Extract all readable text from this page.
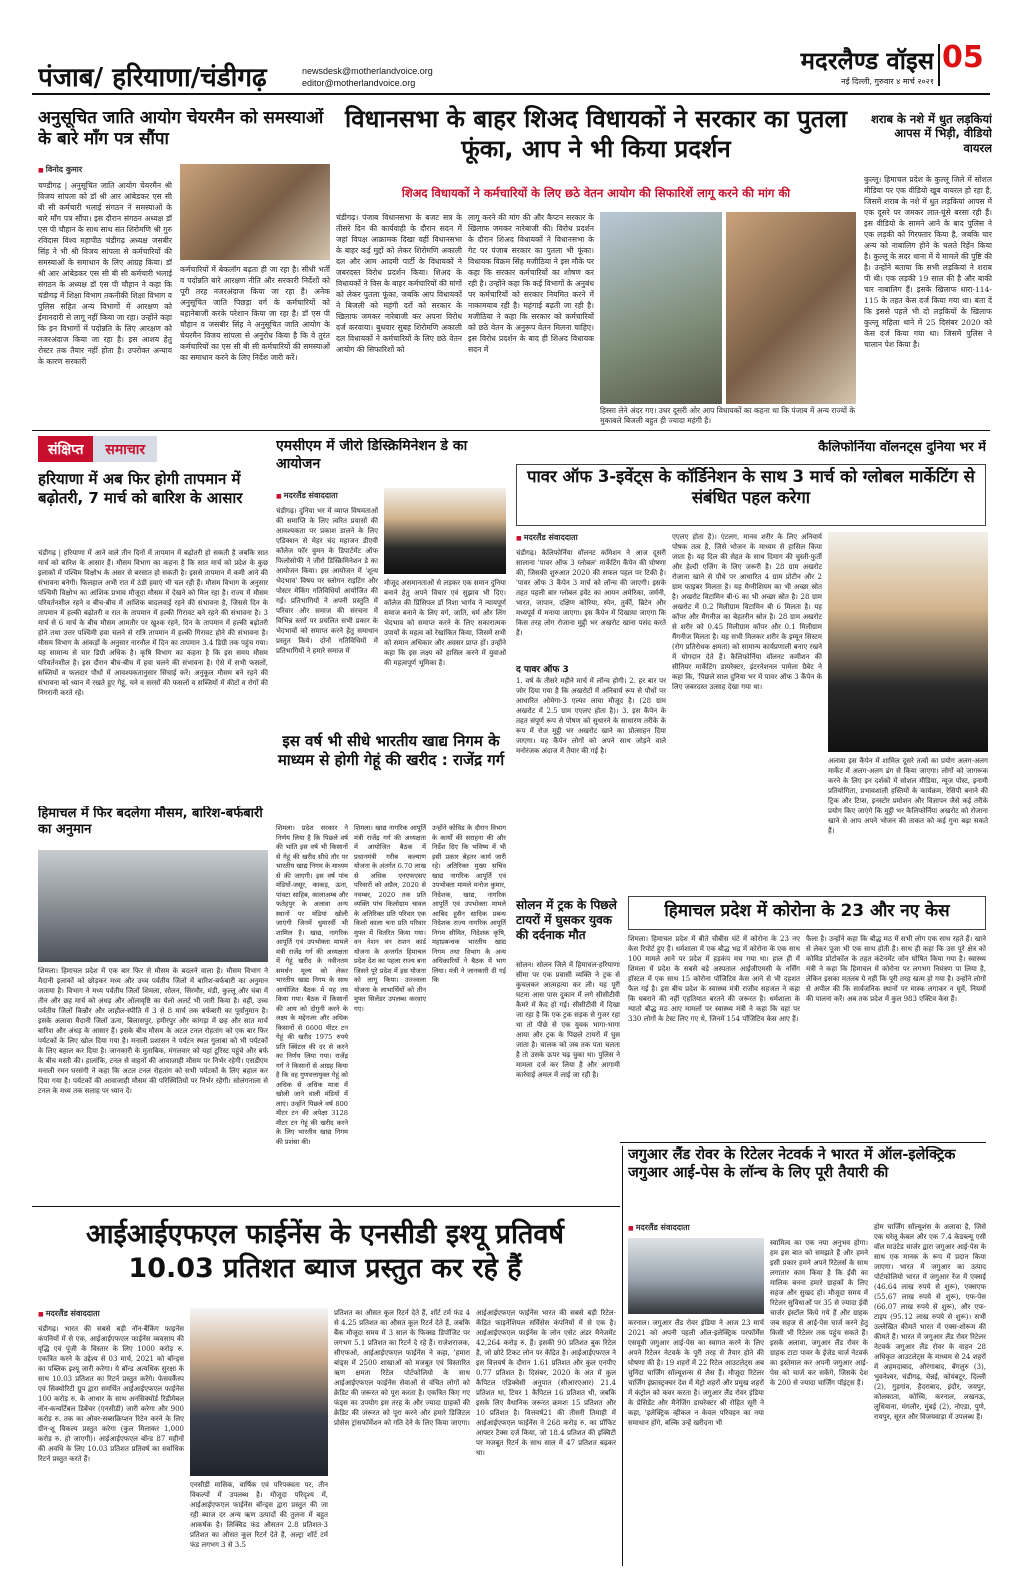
पंजाब/ हरियाणा/चंडीगढ़	newsdesk@motherlandvoice.org
editor@motherlandvoice.org
मदरलैण्ड वॉइस
नई दिल्ली, गुरुवार ४ मार्च २०२१
05
अनुसूचित जाति आयोग चेयरमैन को समस्याओं के बारे माँग पत्र सौंपा
■ विनोद कुमार
चण्डीगढ़ | अनुसूचित जाति आयोग चेयरमैन श्री विजय सांपला को डॉ श्री आर आंबेडकर एस सी बी सी कर्मचारी भलाई संगठन ने समस्याओं के बारे माँग पत्र सौंपा। इस दौरान संगठन अध्यक्ष डॉ एस पी चौहान के साथ साथ संत शिरोमणि श्री गुरु रविदास विश्व महापीठ चंडीगढ़ अध्यक्ष जसबीर सिंह ने भी श्री विजय सांपला से कर्मचारियों की समस्याओं के समाधान के लिए आग्रह किया। डॉ श्री आर आंबेडकर एस सी बी सी कर्मचारी भलाई संगठन के अध्यक्ष डॉ एस पी चौहान ने कहा कि चंडीगढ़ में शिक्षा विभाग तकनीकी शिक्षा विभाग व पुलिस सहित अन्य विभागों में आरक्षण को ईमानदारी से लागू नहीं किया जा रहा। उन्होंने कहा कि इन विभागों में पदोन्नति के लिए आरक्षण को नजरअंदाज किया जा रहा है। इस आशय हेतु रोस्टर तक तैयार नहीं होता है। उपरोक्त अन्याय के कारण सरकारी
कर्मचारियों में बेकलॉग बढ़ता ही जा रहा है। सीधी भर्ती व पदोन्नति बारे आरक्षण नीति और सरकारी निर्देशों को पूरी तरह नजरअंदाज किया जा रहा है। अनेक अनुसूचित जाति पिछड़ा वर्ग के कर्मचारियों को बहानेबाजी करके परेशान किया जा रहा है। डॉ एस पी चौहान व जसबीर सिंह ने अनुसूचित जाति आयोग के चेयरमैन विजय सांपला से अनुरोध किया है कि वे तुरंत कर्मचारियों का एस सी बी सी कर्मचारियों की समस्याओं का समाधान करने के लिए निर्देश जारी करें।
विधानसभा के बाहर शिअद विधायकों ने सरकार का पुतला फूंका, आप ने भी किया प्रदर्शन
शिअद विधायकों ने कर्मचारियों के लिए छठे वेतन आयोग की सिफारिशें लागू करने की मांग की
चंडीगढ़। पंजाब विधानसभा के बजट सत्र के तीसरे दिन की कार्यवाही के दौरान सदन में जहां विपक्ष आक्रामक दिखा वहीं विधानसभा के बाहर कई मुद्दों को लेकर शिरोमणि अकाली दल और आम आदमी पार्टी के विधायकों ने जबरदस्त विरोध प्रदर्शन किया। शिअद के विधायकों ने विस के बाहर कर्मचारियों की मांगों को लेकर पुतला फूंका, जबकि आप विधायकों ने बिजली को महंगी दरों को सरकार के खिलाफ जमकर नारेबाजी कर अपना विरोध दर्ज करवाया। बुधवार सुबह शिरोमणि अकाली दल विधायकों ने कर्मचारियों के लिए छठे वेतन आयोग की सिफारिशों को
लागू करने की मांग की और कैप्टन सरकार के खिलाफ जमकर नारेबाजी की। विरोध प्रदर्शन के दौरान शिअद विधायकों ने विधानसभा के गेट पर पंजाब सरकार का पुतला भी फूंका। विधायक विक्रम सिंह मजीठिया ने इस मौके पर कहा कि सरकार कर्मचारियों का शोषण कर रही है। उन्होंने कहा कि कई विभागों के अनुबंध पर कर्मचारियों को सरकार नियमित करने में नाकामयाब रही है। महंगाई बढ़ती जा रही है। मजीठिया ने कहा कि सरकार को कर्मचारियों को छठे वेतन के अनुरूप वेतन मिलना चाहिए। इस विरोध प्रदर्शन के बाद ही शिअद विधायक सदन में
हिस्सा लेने अंदर गए। उधर दूसरी ओर आप विधायकों का कहना था कि पंजाब में अन्य राज्यों के मुकाबले बिजली बहुत ही ज्यादा महंगी है।
शराब के नशे में धुत लड़कियां आपस में भिड़ी, वीडियो वायरल
कुल्लू। हिमाचल प्रदेश के कुल्लू जिले में सोशल मीडिया पर एक वीडियो खूब वायरल हो रहा है, जिसमें शराब के नशे में धुत लड़कियां आपस में एक दूसरे पर जमकर लात-घूंसे बरसा रही हैं। इस वीडियो के सामने आने के बाद पुलिस ने एक लड़की को गिरफ्तार किया है, जबकि चार अन्य को नाबालिग होने के चलते रिहेंन किया है। कुल्लू के सदर थाना में ये मामले की पुष्टि की है। उन्होंने बताया कि सभी लड़कियां ने शराब पी थी। एक लड़की 19 साल की है और बाकी चार नाबालिग हैं। इसके खिलाफ धारा-114-115 के तहत केस दर्ज किया गया था। बता दें कि इससे पहले भी दो लड़कियों के खिलाफ कुल्लू महिला थाने में 25 दिसंबर 2020 को केस दर्ज किया गया था। जिसमें पुलिस ने चालान पेश किया है।
संक्षिप्त	समाचार
हरियाणा में अब फिर होगी तापमान में बढ़ोतरी, 7 मार्च को बारिश के आसार
चंडीगढ़ | हरियाणा में आने वाले तीन दिनों में तापमान में बढ़ोतरी हो सकती है जबकि सात मार्च को बारिश के आसार हैं। मौसम विभाग का कहना है कि सात मार्च को प्रदेश के कुछ इलाकों में पश्चिम विक्षोभ के असर से बरसात हो सकती है। इससे तापमान में कमी आने की संभावना बनेगी। फिलहाल अभी रात में ठंडी हवाएं भी चल रही हैं। मौसम विभाग के अनुसार पश्चिमी विक्षोभ का आंशिक प्रभाव मौजूदा मौसम में देखने को मिल रहा है। राज्य में मौसम परिवर्तनशील रहने व बीच-बीच में आंशिक बादलवाई रहने की संभावना है, जिससे दिन के तापमान में हल्की बढ़ोतरी व रात के तापमान में हल्की गिरावट बने रहने की संभावना है। 3 मार्च से 6 मार्च के बीच मौसम आमतौर पर खुश्क रहने, दिन के तापमान में हल्की बढ़ोतरी होने तथा उत्तर पश्चिमी हवा चलने से रात्रि तापमान में हल्की गिरावट होने की संभावना है। मौसम विभाग के आंकड़ों के अनुसार नारनौल में दिन का तापमान 3.4 डिग्री तक पहुंच गया। यह सामान्य से चार डिग्री अधिक है। कृषि विभाग का कहना है कि इस समय मौसम परिवर्तनशील है। इस दौरान बीच-बीच में हवा चलने की संभावना है। ऐसे में सभी फसलों, सब्जियों व फलदार पौधों में आवश्यकतानुसार सिंचाई करें। अनुकूल मौसम बने रहने की संभावना को ध्यान में रखते हुए गेहूं, चने व सरसों की फसलों व सब्जियों में कीटों व रोगों की निगरानी करते रहें।
हिमाचल में फिर बदलेगा मौसम, बारिश-बर्फबारी का अनुमान
शिमला। हिमाचल प्रदेश में एक बार फिर से मौसम के बदलने वाला है। मौसम विभाग ने मैदानी इलाकों को छोड़कर मध्य और उच्च पर्वतीय जिलों में बारिश-बर्फबारी का अनुमान जताया है। विभाग ने मध्य पर्वतीय जिलों शिमला, सोलन, सिरमौर, मंडी, कुल्लू और चंबा में तीन और छह मार्च को अंधड़ और ओलावृष्टि का येलो अलर्ट भी जारी किया है। वहीं, उच्च पर्वतीय जिलों किन्नौर और लाहौल-स्पीति में 3 से 8 मार्च तक बर्फबारी का पूर्वानुमान है। इसके अलावा मैदानी जिलों ऊना, बिलासपुर, हमीरपुर और कांगड़ा में छह और सात मार्च बारिश और अंधड़ के आसार हैं। इसके बीच मौसम के अटल टनल रोहतांग को एक बार फिर पर्यटकों के लिए खोल दिया गया है। मनाली प्रशासन ने पर्यटन स्थल गुलाबा को भी पर्यटकों के लिए बहाल कर दिया है। जानकारी के मुताबिक, मंगलवार को यहां टूरिस्ट पहुंचे और बर्फ के बीच मस्ती की। हालांकि, टनल से वाहनों की आवाजाही मौसम पर निर्भर रहेगी। एसडीएम मनाली रमन घरसंगी ने कहा कि अटल टनल रोहतांग को सभी पर्यटकों के लिए बहाल कर दिया गया है। पर्यटकों की आवाजाही मौसम की परिस्थितियों पर निर्भर रहेगी। सोलंगनाला से टनल के मध्य तक सलाह पर ध्यान दें।
एमसीएम में जीरो डिस्क्रिमिनेशन डे का आयोजन
■ मदरलैंड संवाददाता
चंडीगढ़। दुनिया भर में व्याप्त विषमताओं की समाप्ति के लिए त्वरित प्रयासों की आवश्यकता पर प्रकाश डालने के लिए एडिक्शन से मेहर चंद महाजन डीएवी कॉलेज फॉर वुमन के डिपार्टमेंट ऑफ फिलोसोफी ने जीरो डिस्क्रिमिनेशन डे का आयोजन किया। इस आयोजन में 'शून्य भेदभाव' विषय पर स्लोगन राइटिंग और पोस्टर मेकिंग गतिविधियों आयोजित की गईं। प्रतिभागियों ने अपनी प्रस्तुति में परिवार और समाज की संरचना में विभिन्न स्तरों पर प्रचलित सभी प्रकार के भेदभावों को समाप्त करने हेतु समाधान प्रस्तुत किये। दोनों गतिविधियों में प्रतिभागियों ने हमारे समाज में
मौजूद असमानताओं से लड़कर एक समान दुनिया बनाने हेतु अपने विचार एवं सुझाव भी दिए। कॉलेज की प्रिंसिपल डॉ निशा भार्गव ने न्यायपूर्ण समाज बनाने के लिए वर्ग, जाति, धर्म और लिंग भेदभाव को समाप्त करने के लिए सकारात्मक उपायों के महत्व को रेखांकित किया, जिसमें सभी को समान अधिकार और अवसर प्राप्त हों। उन्होंने कहा कि इस लक्ष्य को हासिल करने में युवाओं की महत्वपूर्ण भूमिका है।
इस वर्ष भी सीधे भारतीय खाद्य निगम के माध्यम से होगी गेहूं की खरीद : राजेंद्र गर्ग
शिमला। प्रदेश सरकार ने निर्णय लिया है कि पिछले वर्ष की भांति इस वर्ष भी किसानों से गेहूं की खरीद सीधे तौर पर भारतीय खाद्य निगम के माध्यम से की जाएगी। इस वर्ष पांच मंडियों-जसूर, काकड़, ऊना, पांवटा साहिब, कालाअम्ब और फतेहपुर के अलावा अन्य स्थानों पर मंडियां खोली जाएंगी जिनमें धुमारवीं भी शामिल है। खाद्य, नागरिक आपूर्ति एवं उपभोक्ता मामले मंत्री राजेंद्र गर्ग की अध्यक्षता में गेहूं खरीद के नवीनतम समर्थन मूल्य को लेकर भारतीय खाद्य निगम के साथ आयोजित बैठक में यह तय किया गया। बैठक में किसानों की आय को दोगुनी करने के लक्ष्य के मद्देनजर और अधिक किसानों से 6600 मीटर टन गेहूं की खरीद 1975 रुपये प्रति क्विंटल की दर से करने का निर्णय लिया गया। राजेंद्र गर्ग ने किसानों से आग्रह किया है कि वह गुणवत्तायुक्त गेहूं को अधिक से अधिक मात्रा में खोली जाने वाली मंडियों में लाएं। उन्होंने पिछले वर्ष 800 मीटर टन की अपेक्षा 3128 मीटर टन गेहूं की खरीद करने के लिए भारतीय खाद्य निगम की प्रशंसा की।
शिमला। खाद्य नागरिक आपूर्ति मंत्री राजेंद्र गर्ग की अध्यक्षता में आयोजित बैठक में प्रधानमंत्री गरीब कल्याण योजना के अंतर्गत 6.70 लाख से अधिक एनएफएसए परिवारों को अप्रैल, 2020 से नवम्बर, 2020 तक प्रति व्यक्ति पांच किलोग्राम चावल के अतिरिक्त प्रति परिवार एक किलो काला चना प्रति परिवार मुफ्त में वितरित किया गया। वन नेशन वन राशन कार्ड योजना के अन्तर्गत हिमाचल प्रदेश देश का पहला राज्य बना जिसने पूरे प्रदेश में इस योजना को लागू किया। उज्ज्वला योजना के लाभार्थियों को तीन मुफ्त सिलेंडर उपलब्ध करवाए गए।
उन्होंने कोविड के दौरान विभाग के कार्यों की सराहना की और निर्देश दिए कि भविष्य में भी इसी प्रकार बेहतर कार्य जारी रहे। अतिरिक्त मुख्य सचिव खाद्य नागरिक आपूर्ति एवं उपभोक्ता मामले मनोज कुमार, निदेशक, खाद्य, नागरिक आपूर्ति एवं उपभोक्ता मामले आबिद हुसैन सादिक प्रबन्ध निदेशक राज्य नागरिक आपूर्ति निगम सीमित, निदेशक कृषि, महाप्रबन्धक भारतीय खाद्य निगम तथा विभाग के अन्य अधिकारियों ने बैठक में भाग लिया। मंत्री ने जानकारी दी गई कि
कैलिफोर्निया वॉलनट्स दुनिया भर में
पावर ऑफ 3-इवेंट्स के कॉर्डिनेशन के साथ 3 मार्च को ग्लोबल मार्केटिंग से संबंधित पहल करेगा
■ मदरलैंड संवाददाता
चंडीगढ़। कैलिफोर्निया वॉलनट कमिशन ने आज दूसरी सालाना 'पावर ऑफ 3 ग्लोबल' मार्केटिंग कैंपेन की घोषणा की, जिसकी शुरुआत 2020 की सफल पहल पर टिकी है। 'पावर ऑफ 3 कैंपेन 3 मार्च को लॉन्च की जाएगी। इसके तहत पहली बार ग्लोबल इवेंट का आयन अमेरिका, जर्मनी, भारत, जापान, दक्षिण कोरिया, स्पेन, तुर्की, ब्रिटेन और मध्यपूर्व में मनाया जाएगा। इस कैंपेन में दिखाया जाएगा कि किस तरह लोग रोजाना मुट्ठी भर अखरोट खाना पसंद करते हैं।
द पावर ऑफ 3
1. वर्ष के तीसरे महीने मार्च में लॉन्च होगी। 2. हर बार पर जोर दिया गया है कि अखरोटों में अनिवार्य रूप से पौधों पर आधारित ओमेगा-3 एल्फा लाया मौजूद है। (28 ग्राम अखरोट में 2.5 ग्राम एएलए होता है)। 3. इस कैंपेन के तहत संपूर्ण रूप से पोषण को सुधारने के साधारण तरीके के रूप में रोज मुट्ठी भर अखरोट खाने का प्रोत्साहन दिया जाएगा। यह कैंपेन लोगों को अपने साथ जोड़ने वाले मनोरंजक अंदाज में तैयार की गई है।
एएलए होता है)। एंटलग, मानव शरीर के लिए अनिवार्य पोषक तत्व है, जिसे भोजन के माध्यम से हासिल किया जाता है। यह दिल की सेहत के साथ दिमाग की चुस्ती-फुर्ती और हेल्दी एजिंग के लिए जरूरी है। 28 ग्राम अखरोट रोजाना खाने से पौधे पर आधारित 4 ग्राम प्रोटीन और 2 ग्राम फाइबर मिलता है। यह मैग्नीशियम का भी अच्छा स्रोत है। अखरोट विटामिन बी-6 का भी अच्छा स्रोत है। 28 ग्राम अखरोट में 0.2 मिलीग्राम विटामिन बी 6 मिलता है। यह कॉपर और मैंगनीज का बेहतरीन स्रोत है। 28 ग्राम अखरोट से शरीर को 0.45 मिलीग्राम कॉपर और 0.1 मिलीग्राम मैंगनीज मिलता है। यह सभी मिलकर शरीर के इम्यून सिस्टम (रोग प्रतिरोधक क्षमता) को सामान्य कार्यप्रणाली बनाए रखने में योगदान देते हैं। कैलिफोर्निया वॉलनट कमीशन की सीनियर मार्केटिंग डायरेक्टर, इंटरनेशनल पामेला ग्रैबेट ने कहा कि, 'पिछले साल दुनिया भर में पावर ऑफ 3 कैंपेन के लिए जबरदस्त उत्साह देखा गया था।
अलावा इस कैंपेन में शामिल दूसरे तत्वों का प्रयोग अलग-अलग मार्केट में अलग-अलग ढंग से किया जाएगा। लोगों को जागरूक करने के लिए इन दर्शकों में सोशल मीडिया, न्यूज पोस्ट, इनामी प्रतियोगिता, प्रभावशाली हस्तियों के कार्यक्रम, रेसिपी बनाने की ट्रिक और टिप्स, इनस्टोर प्रमोशन और विज्ञापन जैसे कई तरीके प्रयोग किए जाएंगे कि मुट्ठी भर कैलिफोर्निया अखरोट को रोजाना खाने से आप अपने भोजन की ताकत को कई गुना बढ़ा सकते हैं।
सोलन में ट्रक के पिछले टायरों में घुसकर युवक की दर्दनाक मौत
सोलन। सोलन जिले में हिमाचल-हरियाणा सीमा पर एक प्रवासी व्यक्ति ने ट्रक से कुचलकर आत्महत्या कर ली। यह पूरी घटना आस पास दुकान में लगे सीसीटीवी कैमरे में कैद हो गई। सीसीटीवी में दिखा जा रहा है कि एक ट्रक सड़क से गुजर रहा था तो पीछे से एक युवक भागा-भागा आया और ट्रक के पिछले टायरों में घुस जाता है। चालक को जब तक पता चलता है तो उसके ऊपर चढ़ चुका था। पुलिस ने मामला दर्ज कर लिया है और आगामी कार्रवाई अमल में लाई जा रही है।
हिमाचल प्रदेश में कोरोना के 23 और नए केस
शिमला। हिमाचल प्रदेश में बीते चौबीस घंटे में कोरोना के 23 नए केस रिपोर्ट हुए हैं। धर्मशाला में एक बौद्ध भद्र में कोरोना के एक साथ 100 मामले आने पर प्रदेश में हड़कंप मच गया था। हाल ही में शिमला में प्रदेश के सबसे बड़े अस्पताल आईजीएमसी के नर्सिंग हॉस्टल में एक साथ 15 कोरोना पॉजिटिव केस आने से भी दहशत फैल गई है। इस बीच प्रदेश के स्वास्थ्य मंत्री राजीव सहजल ने कहा कि घबराने की नहीं एहतियात बरतने की जरूरत है। धर्मशाला के ग्यातो बौद्ध मठ आए मामलों पर स्वास्थ्य मंत्री ने कहा कि वहां पर 330 लोगों के टेस्ट लिए गए थे, जिनमें 154 पॉजिटिव केस आए हैं।
फैला है। उन्होंने कहा कि बौद्ध मठ में सभी लोग एक साथ रहते हैं। खाने से लेकर पूजा भी एक साथ होती है। साथ ही कहा कि उस पूरे क्षेत्र को कोविड प्रोटोकॉल के तहत कंटेनमेंट जोन घोषित किया गया है। स्वास्थ्य मंत्री ने कहा कि हिमाचल में कोरोना पर लगभग नियंत्रण पा लिया है, लेकिन इसका मतलब ये नहीं कि पूरी तरह खत्म हो गया है। उन्होंने लोगों से अपील की कि सार्वजनिक स्थानों पर मास्क लगाकर न घूमें, नियमों की पालना करें। अब तक प्रदेश में कुल 983 एक्टिव केस हैं।
जगुआर लैंड रोवर के रिटेलर नेटवर्क ने भारत में ऑल-इलेक्ट्रिक जगुआर आई-पेस के लॉन्च के लिए पूरी तैयारी की
■ मदरलैंड संवाददाता
करनाल। जगुआर लैंड रोवर इंडिया ने आज 23 मार्च 2021 को अपनी पहली ऑल-इलेक्ट्रिक परफॉर्मेंस एसयूवी जगुआर आई-पेस का स्वागत करने के लिए अपने रिटेलर नेटवर्क के पूरी तरह से तैयार होने की घोषणा की है। 19 शहरों में 22 रिटेल आउटलेट्स अब चुनिंदा चार्जिंग सॉल्यूशन्स से लैस हैं। मौजूदा रिटेलर चार्जिंग इंफ्रास्ट्रक्चर देश में मेट्रो शहरों और प्रमुख शहरों में कंट्रोल को कवर करता है। जगुआर लैंड रोवर इंडिया के प्रेसिडेंट और मैनेजिंग डायरेक्टर श्री रोहित सूरी ने कहा, 'इलेक्ट्रिक व्हीकल न केवल परिवहन का नया समाधान होंगे, बल्कि उन्हें खरीदना भी
स्वामित्व का एक नया अनुभव होगा। हम इस बात को समझते हैं और हमने इसी प्रकार हमने अपने रिटेलर्स के साथ लगातार काम किया है कि ईवी का मालिक बनना हमारे ग्राहकों के लिए सहज और सुखद हो। मौजूदा समय में रिटेलर सुविधाओं पर 35 से ज्यादा ईवी चार्जर इंस्टॉल किये गये हैं और ग्राहक जब सहज से आई-पेस चार्ज करने हेतु किसी भी रिटेलर तक पहुंच सकते हैं। इसके अलावा, जगुआर लैंड रोवर के ग्राहक टाटा पावर के ईजेड चार्ज नेटवर्क का इस्तेमाल कर अपनी जगुआर आई-पेस को चार्ज कर सकेंगे, जिसके देश के 200 से ज्यादा चार्जिंग पॉइंट्स हैं।
होम चार्जिंग सॉल्यूशंस के अलावा है, जिसे एक घरेलू केबल और एक 7.4 केडब्ल्यू एसी वॉल माउंटेड चार्जर द्वारा जगुआर आई-पेस के साथ एक मानक के रूप में प्रदान किया जाएगा। भारत में जगुआर का उत्पाद पोर्टफोलियो भारत में जगुआर रेंज में एक्सई (46.64 लाख रुपये से शुरू), एक्सएफ (55.67 लाख रुपये से शुरू), एफ-पेस (66.07 लाख रुपये से शुरू), और एफ-टाइप (95.12 लाख रुपये से शुरू)। सभी उल्लेखित कीमतें भारत में एक्स-शोरूम की कीमतें हैं। भारत में जगुआर लैंड रोवर रिटेलर नेटवर्क जगुआर लैंड रोवर के वाहन 28 अधिकृत आउटलेट्स के माध्यम से 24 शहरों में अहमदाबाद, औरंगाबाद, बेंगलुरु (3), भुवनेश्वर, चंडीगढ़, चेन्नई, कोयंबटूर, दिल्ली (2), गुड़गांव, हैदराबाद, इंदौर, जयपुर, कोलकाता, कोच्चि, करनाल, लखनऊ, लुधियाना, मंगलौर, मुंबई (2), नोएडा, पुणे, रायपुर, सूरत और विजयवाड़ा में उपलब्ध हैं।
आईआईएफएल फाईनेंस के एनसीडी इश्यू प्रतिवर्ष 10.03 प्रतिशत ब्याज प्रस्तुत कर रहे हैं
■ मदरलैंड संवाददाता
चंडीगढ़। भारत की सबसे बड़ी नॉन-बैंकिंग फाइनेंस कंपनियों में से एक, आईआईएफएल फाईनेंस व्यवसाय की वृद्धि एवं पूंजी के विस्तार के लिए 1000 करोड़ रु. एकत्रित करने के उद्देश्य से 03 मार्च, 2021 को बॉन्ड्स का पब्लिक इश्यू जारी करेगा। ये बॉन्ड अत्यधिक सुरक्षा के साथ 10.03 प्रतिशत का रिटर्न प्रस्तुत करेंगे। फेसवर्कैस्प एवं सिक्योरिटी ग्रुप द्वारा समर्थित आईआईएफएल फाईनेंस 100 करोड़ रु. के आधार के साथ अनसिक्योर्ड रिडीमेबल नॉन-कन्वर्टिबल डिबेंचर (एनसीडी) जारी करेगा और 900 करोड़ रु. तक का ओवर-सब्सक्रिप्शन रिटेन करने के लिए ग्रीन-शू विकल्प प्रस्तुत करेगा (कुल मिलाकर 1,000 करोड़ रु. हो जाएगी)। आईआईएफएल बॉन्ड 87 महीनों की अवधि के लिए 10.03 प्रतिशत प्रतिवर्ष का सर्वाधिक रिटर्न प्रस्तुत करते हैं।
एनसीडी मासिक, वार्षिक एवं परिपक्वता पर, तीन विकल्पों में उपलब्ध है। मौजूदा परिदृश्य में, आईआईएफएल फाईनेंस बॉन्ड्स द्वारा प्रस्तुत की जा रही ब्याज दर अन्य ऋण उत्पादों की तुलना में बहुत आकर्षक है। लिक्विड फंड औसतन 2.8 प्रतिशत-3 प्रतिशत का औसत कूल रिटर्न देते हैं, अल्ट्रा शॉर्ट टर्म फंड लगभग 3 से 3.5
प्रतिशत का औसत कूल रिटर्न देते हैं, शॉर्ट टर्म फंड 4 से 4.25 प्रतिशत का औसत कूल रिटर्न देते हैं, जबकि बैंक मौजूदा समय में 3 साल के फिक्स्ड डिपॉजिट पर लगभग 5.1 प्रतिशत का रिटर्न दे रहे हैं। राजेशराजक, सीएफओ, आईआईएफएल फाईनेंस ने कहा, 'हमारा बांड्स में 2500 शाखाओं को मजबूत एवं विस्तारित ऋण क्षमता रिटेल पोर्टफोलियो के साथ आईआईएफएल फाईनेंस सेवाओं से वंचित लोगों को क्रेडिट की जरूरत को पूरा करता है। एकत्रित किए गए फंड्स का उपयोग इस तरह के और ज्यादा ग्राहकों की क्रेडिट की जरूरत को पूरा करने और हमारे डिजिटल प्रोसेस ट्रांसफॉर्मेशन को गति देने के लिए किया जाएगा।
आईआईएफएल फाईनेंस भारत की सबसे बड़ी रिटेल-केंद्रित फाइनेंशियल सर्विसेस कंपनियों में से एक है। आईआईएफएल फाईनेंस के लोन एसेट अंडर मैनेजमेंट 42,264 करोड़ रु. हैं। इसकी 90 प्रतिशत बुक रिटेल है, जो छोटे टिकट लोन पर केंद्रित है। आईआईएफएल ने इस वित्तवर्ष के दौरान 1.61 प्रतिशत और कुल एनपीए 0.77 प्रतिशत है। दिसंबर, 2020 के अंत में कुल कैपिटल एडिक्वेसी अनुपात (सीआरएआर) 21.4 प्रतिशत था, टियर 1 कैपिटल 16 प्रतिशत थी, जबकि इसके लिए वैधानिक जरूरत क्रमशः 15 प्रतिशत और 10 प्रतिशत है। वित्तवर्ष21 की तीसरी तिमाही में आईआईएफएल फाईनेंस ने 268 करोड़ रु. का प्रॉफिट आफ्टर टैक्स दर्ज किया, जो 18.4 प्रतिशत की इक्विटी पर मजबूत रिटर्न के साथ साल में 47 प्रतिशत बढ़कर था।
